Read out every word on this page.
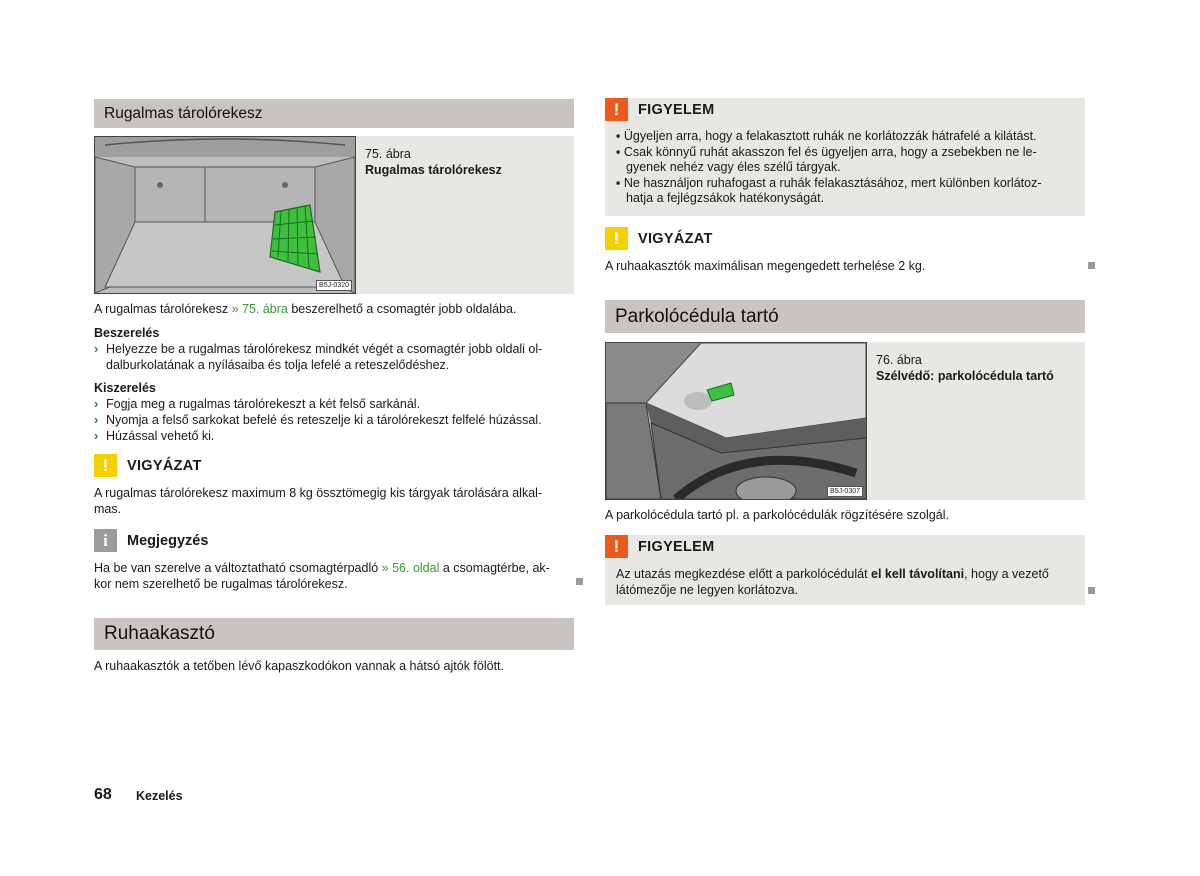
Rugalmas tárolórekesz
B5J-0320
75. ábra
Rugalmas tárolórekesz
A rugalmas tárolórekesz » 75. ábra beszerelhető a csomagtér jobb oldalába.
Beszerelés
› Helyezze be a rugalmas tárolórekesz mindkét végét a csomagtér jobb oldali ol-
dalburkolatának a nyílásaiba és tolja lefelé a reteszelődéshez.
Kiszerelés
› Fogja meg a rugalmas tárolórekeszt a két felső sarkánál.
› Nyomja a felső sarkokat befelé és reteszelje ki a tárolórekeszt felfelé húzással.
› Húzással vehető ki.
!	VIGYÁZAT
A rugalmas tárolórekesz maximum 8 kg össztömegig kis tárgyak tárolására alkal-
mas.
i	Megjegyzés
Ha be van szerelve a változtatható csomagtérpadló » 56. oldal a csomagtérbe, ak-
kor nem szerelhető be rugalmas tárolórekesz.
Ruhaakasztó
A ruhaakasztók a tetőben lévő kapaszkodókon vannak a hátsó ajtók fölött.
!	FIGYELEM
▪ Ügyeljen arra, hogy a felakasztott ruhák ne korlátozzák hátrafelé a kilátást.
▪ Csak könnyű ruhát akasszon fel és ügyeljen arra, hogy a zsebekben ne le-
gyenek nehéz vagy éles szélű tárgyak.
▪ Ne használjon ruhafogast a ruhák felakasztásához, mert különben korlátoz-
hatja a fejlégzsákok hatékonyságát.
!	VIGYÁZAT
A ruhaakasztók maximálisan megengedett terhelése 2 kg.
Parkolócédula tartó
B5J-0307
76. ábra
Szélvédő: parkolócédula tartó
A parkolócédula tartó pl. a parkolócédulák rögzítésére szolgál.
!	FIGYELEM
Az utazás megkezdése előtt a parkolócédulát el kell távolítani, hogy a vezető
látómezője ne legyen korlátozva.
68 Kezelés
